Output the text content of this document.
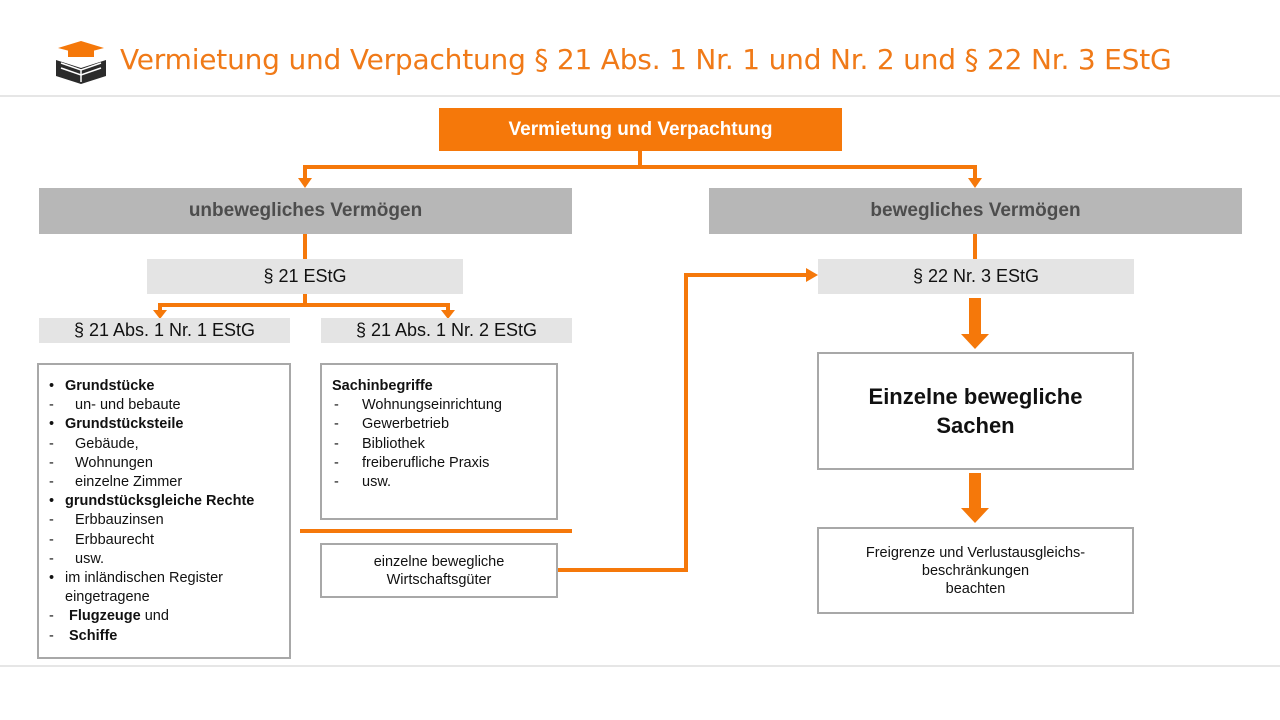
Vermietung und Verpachtung § 21 Abs. 1 Nr. 1 und Nr. 2 und § 22 Nr. 3 EStG
Vermietung und Verpachtung
unbewegliches Vermögen	bewegliches Vermögen
§ 21 EStG	§ 22 Nr. 3 EStG
§ 21 Abs. 1 Nr. 1 EStG	§ 21 Abs. 1 Nr. 2 EStG
• Grundstücke
- un- und bebaute
• Grundstücksteile
- Gebäude,
- Wohnungen
- einzelne Zimmer
• grundstücksgleiche Rechte
- Erbbauzinsen
- Erbbaurecht
- usw.
• im inländischen Register eingetragene
- Flugzeuge und
- Schiffe
Sachinbegriffe
- Wohnungseinrichtung
- Gewerbetrieb
- Bibliothek
- freiberufliche Praxis
- usw.
einzelne bewegliche
Wirtschaftsgüter
Einzelne bewegliche
Sachen
Freigrenze und Verlustausgleichs-
beschränkungen
beachten
